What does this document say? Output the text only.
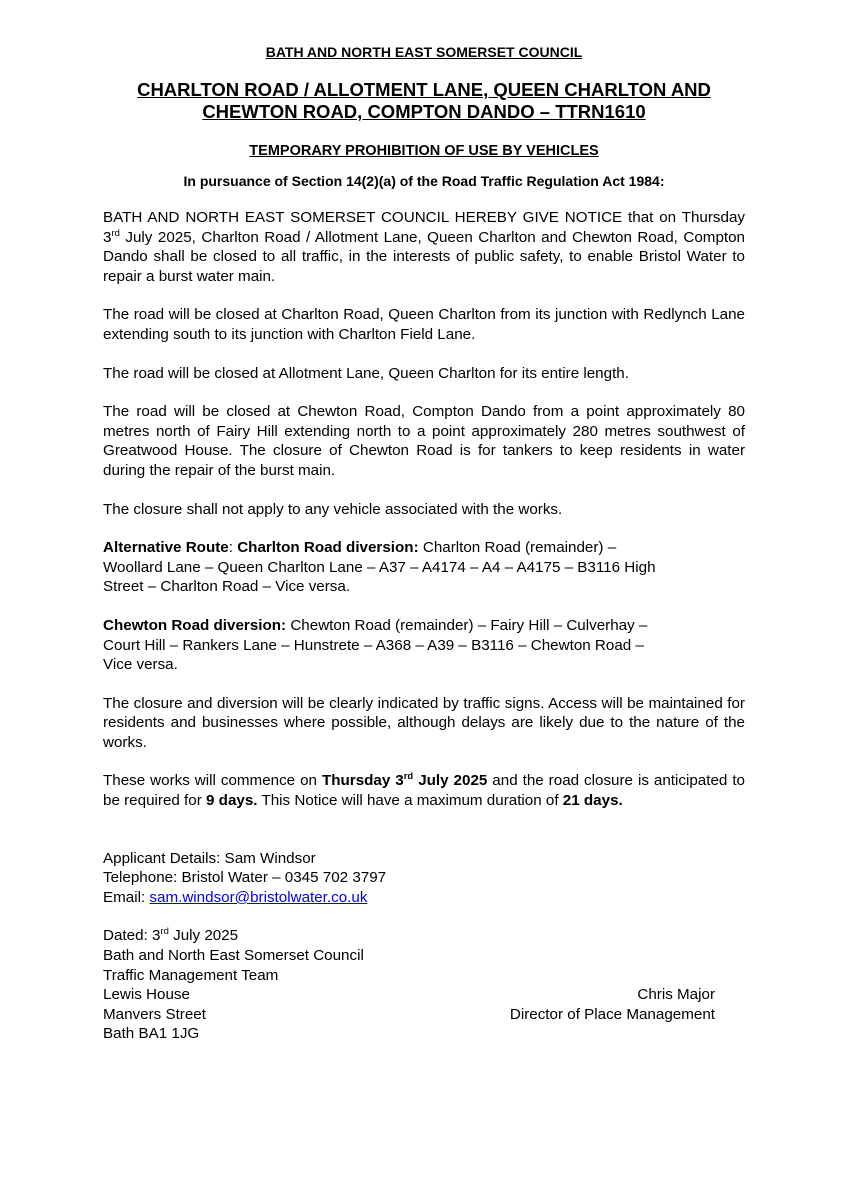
BATH AND NORTH EAST SOMERSET COUNCIL
CHARLTON ROAD / ALLOTMENT LANE, QUEEN CHARLTON AND
CHEWTON ROAD, COMPTON DANDO – TTRN1610
TEMPORARY PROHIBITION OF USE BY VEHICLES
In pursuance of Section 14(2)(a) of the Road Traffic Regulation Act 1984:

BATH AND NORTH EAST SOMERSET COUNCIL HEREBY GIVE NOTICE that on Thursday 3rd July 2025, Charlton Road / Allotment Lane, Queen Charlton and Chewton Road, Compton Dando shall be closed to all traffic, in the interests of public safety, to enable Bristol Water to repair a burst water main.

The road will be closed at Charlton Road, Queen Charlton from its junction with Redlynch Lane extending south to its junction with Charlton Field Lane.

The road will be closed at Allotment Lane, Queen Charlton for its entire length.

The road will be closed at Chewton Road, Compton Dando from a point approximately 80 metres north of Fairy Hill extending north to a point approximately 280 metres southwest of Greatwood House. The closure of Chewton Road is for tankers to keep residents in water during the repair of the burst main.

The closure shall not apply to any vehicle associated with the works.

Alternative Route: Charlton Road diversion: Charlton Road (remainder) –
Woollard Lane – Queen Charlton Lane – A37 – A4174 – A4 – A4175 – B3116 High
Street – Charlton Road – Vice versa.
Chewton Road diversion: Chewton Road (remainder) – Fairy Hill – Culverhay –
Court Hill – Rankers Lane – Hunstrete – A368 – A39 – B3116 – Chewton Road –
Vice versa.

The closure and diversion will be clearly indicated by traffic signs. Access will be maintained for residents and businesses where possible, although delays are likely due to the nature of the works.

These works will commence on Thursday 3rd July 2025 and the road closure is anticipated to be required for 9 days. This Notice will have a maximum duration of 21 days.

Applicant Details: Sam Windsor
Telephone: Bristol Water – 0345 702 3797
Email: sam.windsor@bristolwater.co.uk
Dated: 3rd July 2025
Bath and North East Somerset Council
Traffic Management Team
Lewis House
Manvers Street
Bath BA1 1JG
Chris Major
Director of Place Management
